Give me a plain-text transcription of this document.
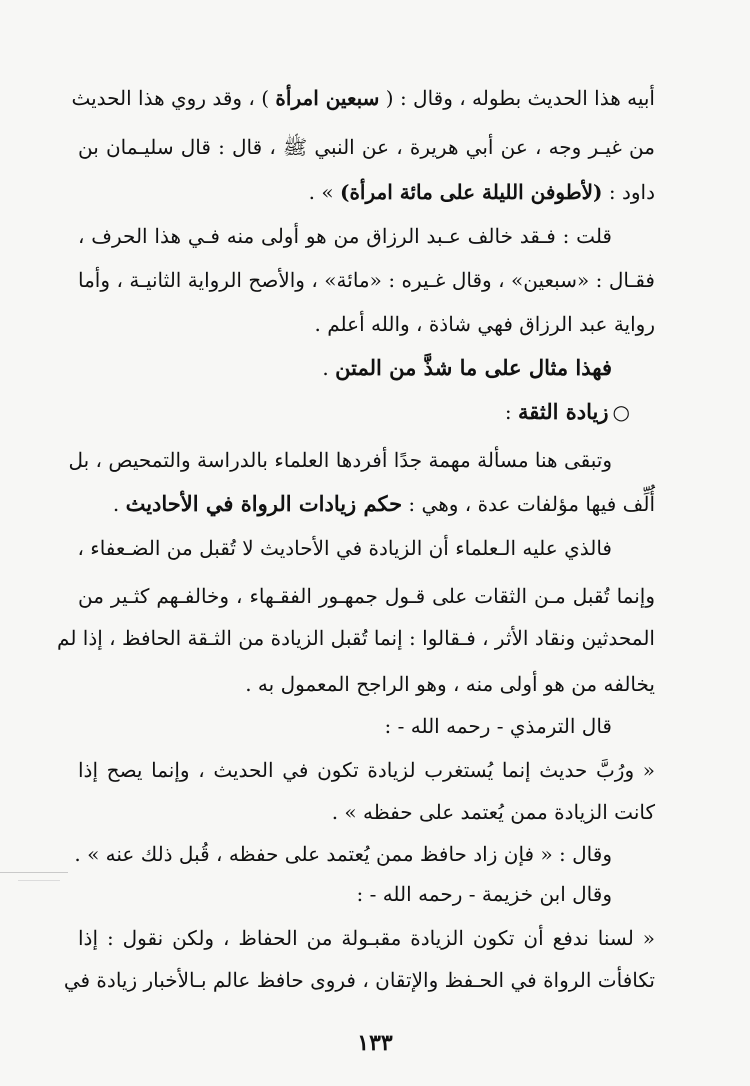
أبيه هذا الحديث بطوله ، وقال : ( سبعين امرأة ) ، وقد روي هذا الحديث
من غيـر وجه ، عن أبي هريرة ، عن النبي ﷺ ، قال : قال سليـمان بن
داود : (لأطوفن الليلة على مائة امرأة) » .
قلت : فـقد خالف عـبد الرزاق من هو أولى منه فـي هذا الحرف ،
فقـال : «سبعين» ، وقال غـيره : «مائة» ، والأصح الرواية الثانيـة ، وأما
رواية عبد الرزاق فهي شاذة ، والله أعلم .
فهذا مثال على ما شذَّ من المتن .
○زيادة الثقة :
وتبقى هنا مسألة مهمة جدًا أفردها العلماء بالدراسة والتمحيص ، بل
أُلِّف فيها مؤلفات عدة ، وهي : حكم زيادات الرواة في الأحاديث .
فالذي عليه الـعلماء أن الزيادة في الأحاديث لا تُقبل من الضـعفاء ،
وإنما تُقبل مـن الثقات على قـول جمهـور الفقـهاء ، وخالفـهم كثـير من
المحدثين ونقاد الأثر ، فـقالوا : إنما تُقبل الزيادة من الثـقة الحافظ ، إذا لم
يخالفه من هو أولى منه ، وهو الراجح المعمول به .
قال الترمذي - رحمه الله - :
« ورُبَّ حديث إنما يُستغرب لزيادة تكون في الحديث ، وإنما يصح إذا
كانت الزيادة ممن يُعتمد على حفظه » .
وقال : « فإن زاد حافظ ممن يُعتمد على حفظه ، قُبل ذلك عنه » .
وقال ابن خزيمة - رحمه الله - :
« لسنا ندفع أن تكون الزيادة مقبـولة من الحفاظ ، ولكن نقول : إذا
تكافأت الرواة في الحـفظ والإتقان ، فروى حافظ عالم بـالأخبار زيادة في
١٣٣
